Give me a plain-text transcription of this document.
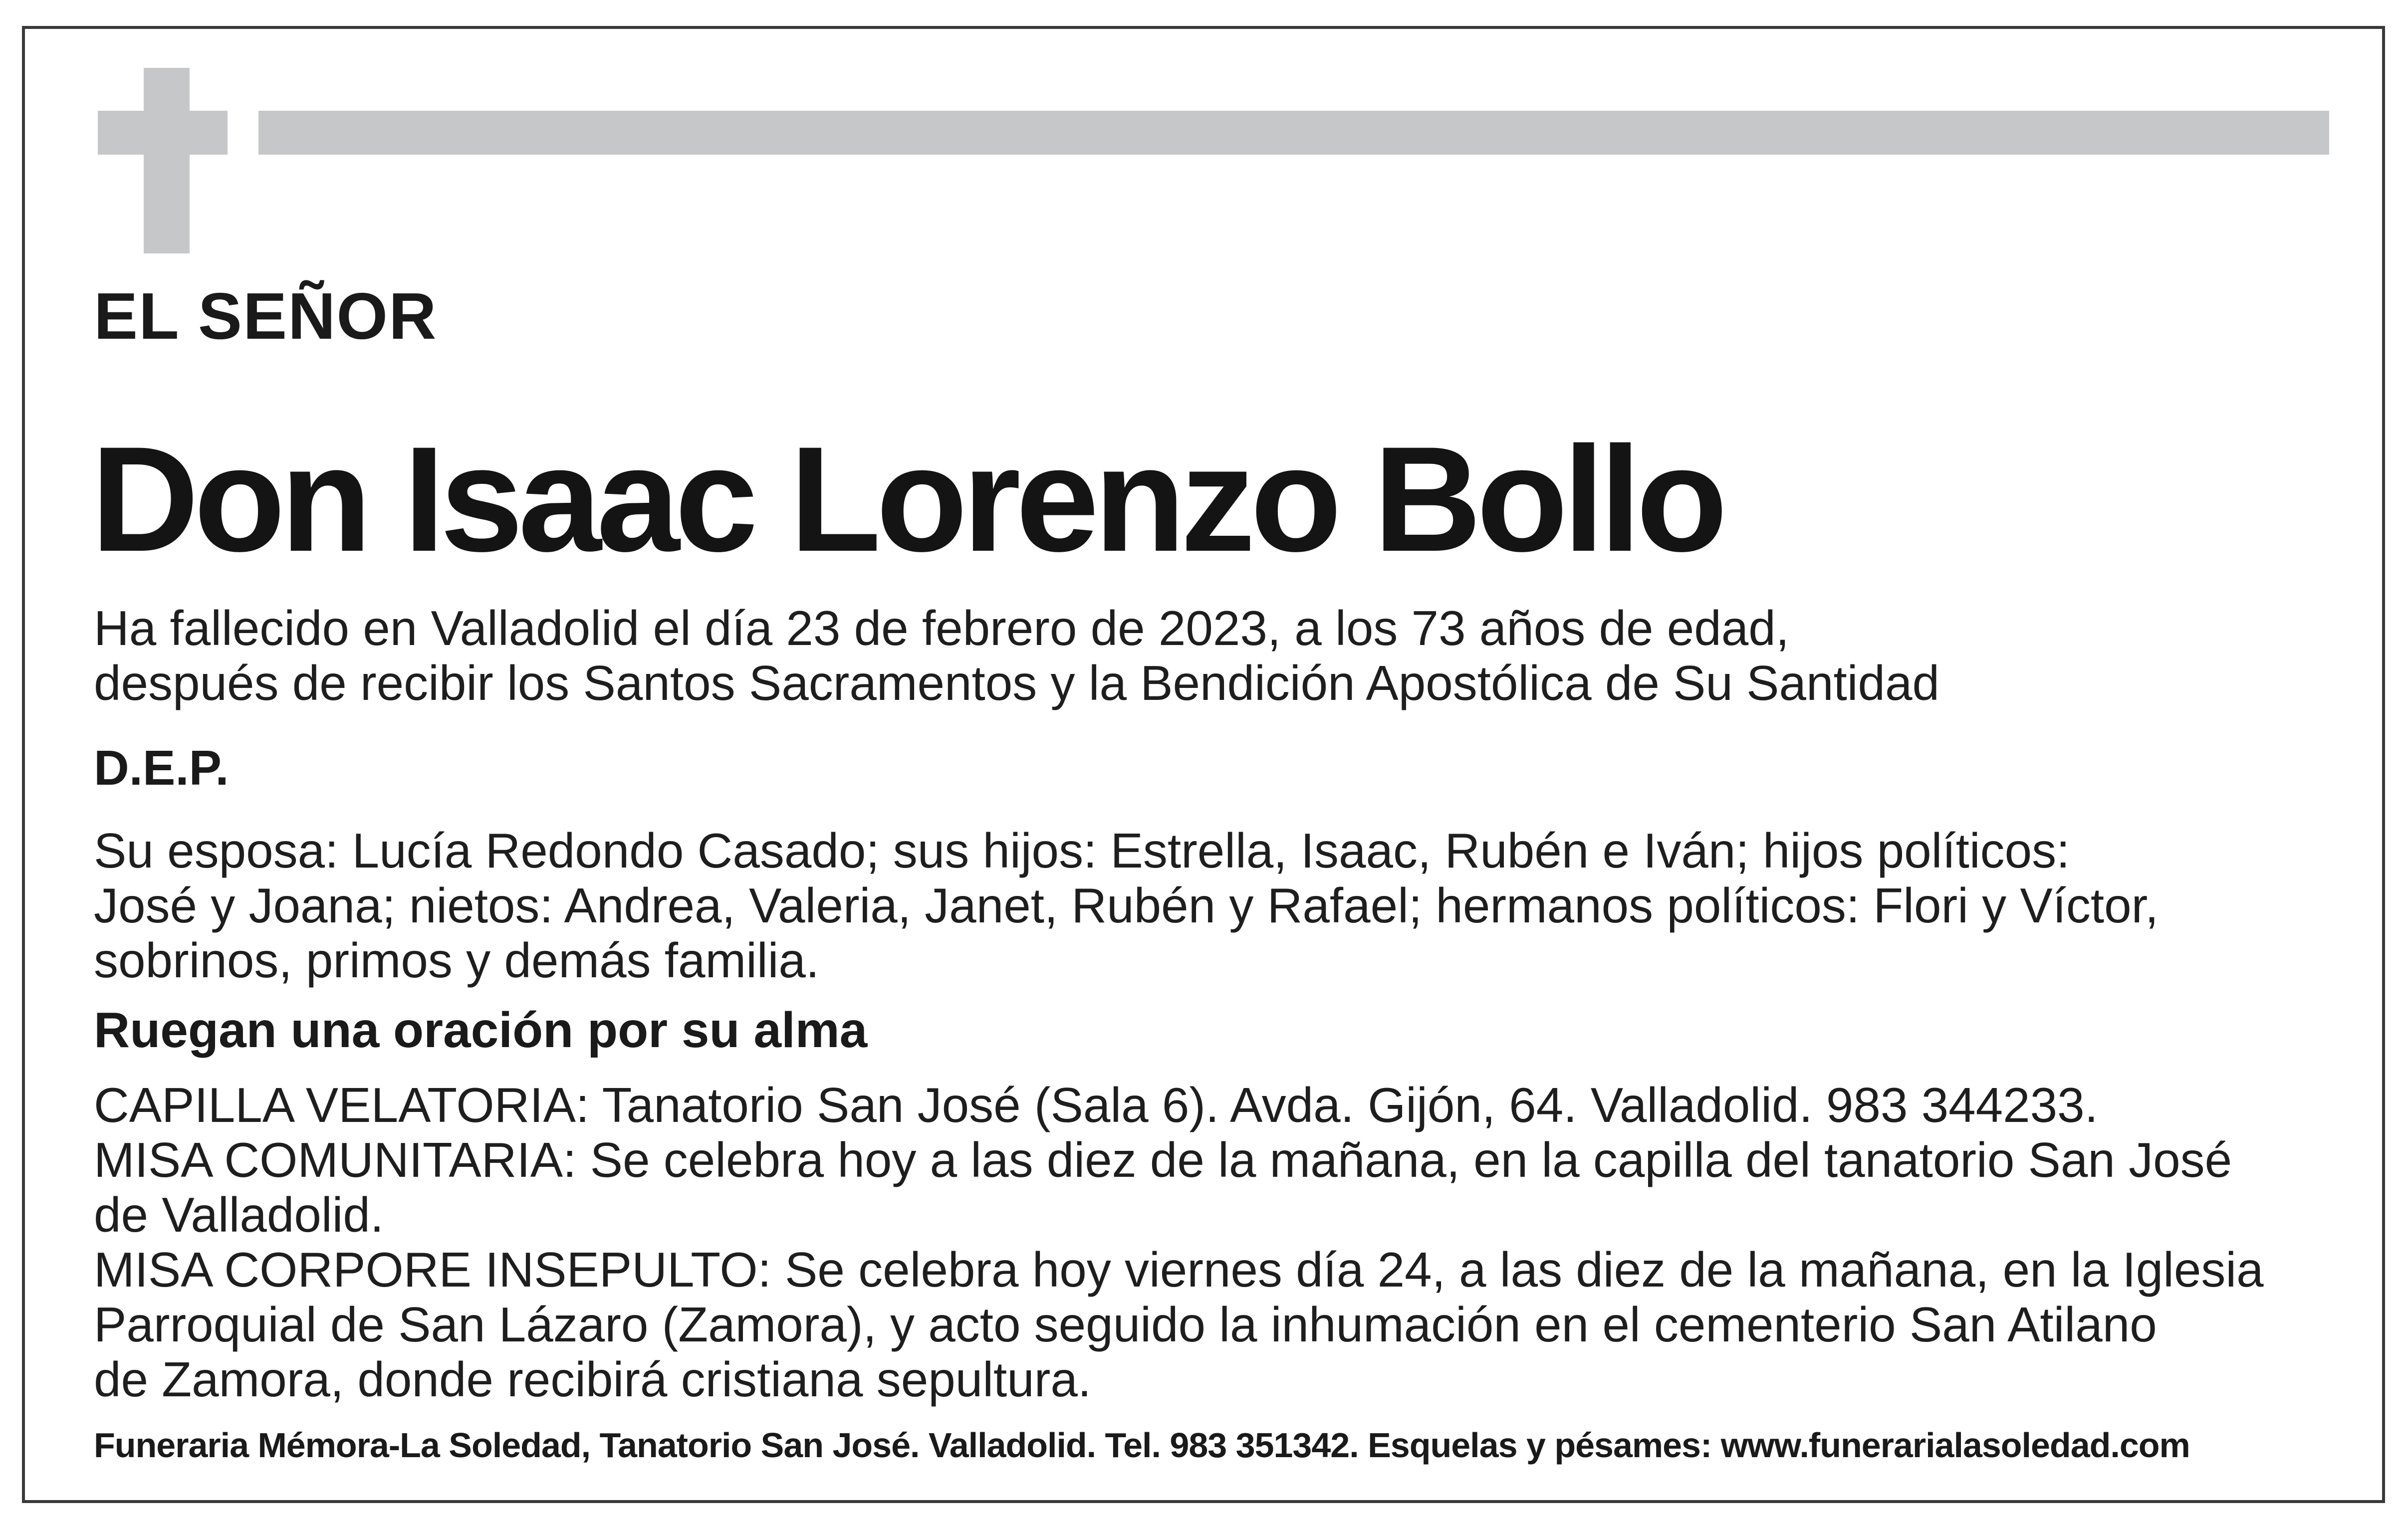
EL SEÑOR
Don Isaac Lorenzo Bollo
Ha fallecido en Valladolid el día 23 de febrero de 2023, a los 73 años de edad,
después de recibir los Santos Sacramentos y la Bendición Apostólica de Su Santidad
D.E.P.
Su esposa: Lucía Redondo Casado; sus hijos: Estrella, Isaac, Rubén e Iván; hijos políticos:
José y Joana; nietos: Andrea, Valeria, Janet, Rubén y Rafael; hermanos políticos: Flori y Víctor,
sobrinos, primos y demás familia.
Ruegan una oración por su alma
CAPILLA VELATORIA: Tanatorio San José (Sala 6). Avda. Gijón, 64. Valladolid. 983 344233.
MISA COMUNITARIA: Se celebra hoy a las diez de la mañana, en la capilla del tanatorio San José
de Valladolid.
MISA CORPORE INSEPULTO: Se celebra hoy viernes día 24, a las diez de la mañana, en la Iglesia
Parroquial de San Lázaro (Zamora), y acto seguido la inhumación en el cementerio San Atilano
de Zamora, donde recibirá cristiana sepultura.
Funeraria Mémora-La Soledad, Tanatorio San José. Valladolid. Tel. 983 351342. Esquelas y pésames: www.funerarialasoledad.com
